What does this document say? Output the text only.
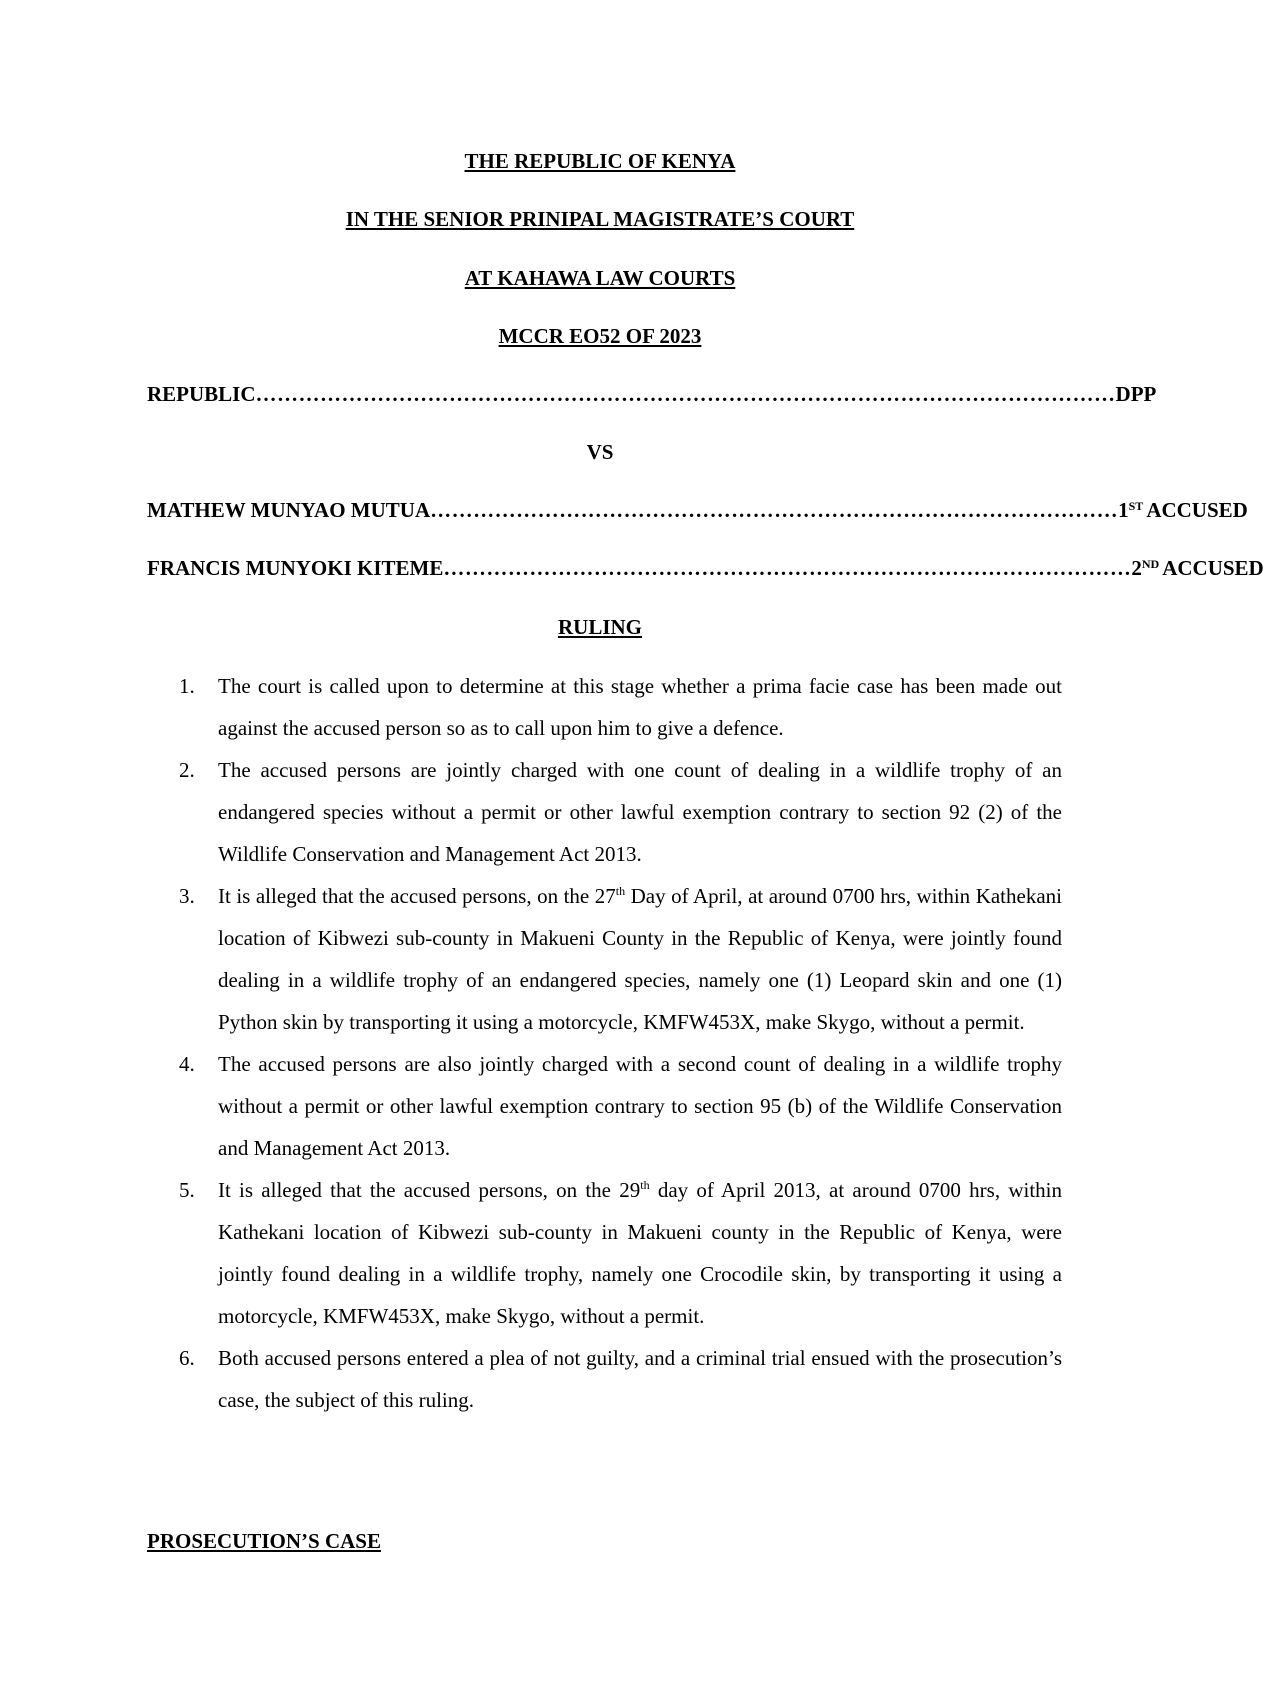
THE REPUBLIC OF KENYA
IN THE SENIOR PRINIPAL MAGISTRATE’S COURT
AT KAHAWA LAW COURTS
MCCR EO52 OF 2023
REPUBLIC ………………………………………………………………………………………………………… DPP
VS
MATHEW MUNYAO MUTUA …………………………………………………………………………………… 1ST ACCUSED
FRANCIS MUNYOKI KITEME …………………………………………………………………………………… 2ND ACCUSED
RULING
1. The court is called upon to determine at this stage whether a prima facie case has been made out against the accused person so as to call upon him to give a defence.
2. The accused persons are jointly charged with one count of dealing in a wildlife trophy of an endangered species without a permit or other lawful exemption contrary to section 92 (2) of the Wildlife Conservation and Management Act 2013.
3. It is alleged that the accused persons, on the 27th Day of April, at around 0700 hrs, within Kathekani location of Kibwezi sub-county in Makueni County in the Republic of Kenya, were jointly found dealing in a wildlife trophy of an endangered species, namely one (1) Leopard skin and one (1) Python skin by transporting it using a motorcycle, KMFW453X, make Skygo, without a permit.
4. The accused persons are also jointly charged with a second count of dealing in a wildlife trophy without a permit or other lawful exemption contrary to section 95 (b) of the Wildlife Conservation and Management Act 2013.
5. It is alleged that the accused persons, on the 29th day of April 2013, at around 0700 hrs, within Kathekani location of Kibwezi sub-county in Makueni county in the Republic of Kenya, were jointly found dealing in a wildlife trophy, namely one Crocodile skin, by transporting it using a motorcycle, KMFW453X, make Skygo, without a permit.
6. Both accused persons entered a plea of not guilty, and a criminal trial ensued with the prosecution’s case, the subject of this ruling.
PROSECUTION’S CASE
